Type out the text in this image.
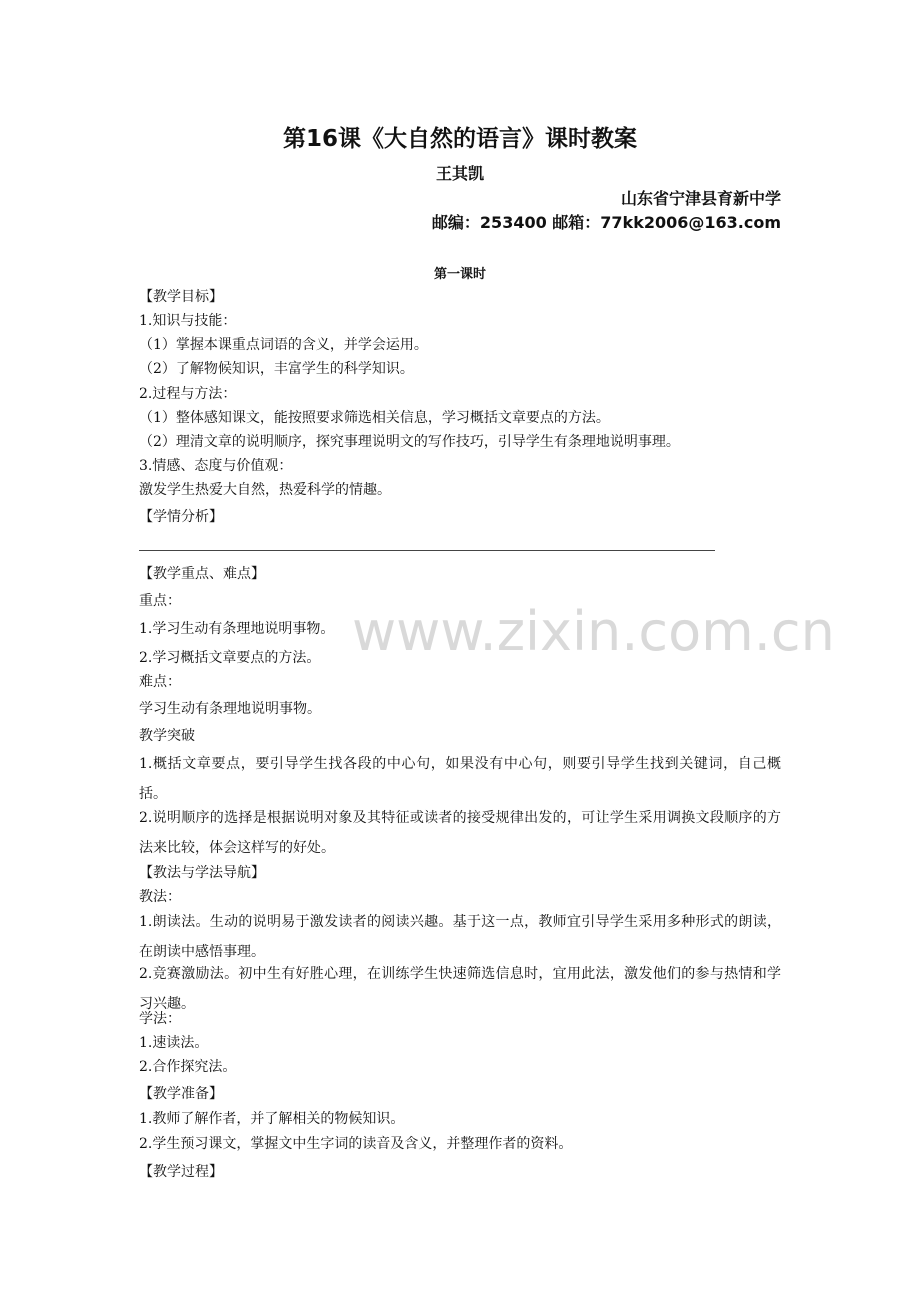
www.zixin.com.cn
第16课《大自然的语言》课时教案
王其凯
山东省宁津县育新中学
邮编：253400 邮箱：77kk2006@163.com
第一课时
【教学目标】
1.知识与技能：
（1）掌握本课重点词语的含义，并学会运用。
（2）了解物候知识，丰富学生的科学知识。
2.过程与方法：
（1）整体感知课文，能按照要求筛选相关信息，学习概括文章要点的方法。
（2）理清文章的说明顺序，探究事理说明文的写作技巧，引导学生有条理地说明事理。
3.情感、态度与价值观：
激发学生热爱大自然，热爱科学的情趣。
【学情分析】
【教学重点、难点】
重点：
1.学习生动有条理地说明事物。
2.学习概括文章要点的方法。
难点：
学习生动有条理地说明事物。
教学突破
1.概括文章要点，要引导学生找各段的中心句，如果没有中心句，则要引导学生找到关键词，自己概括。
2.说明顺序的选择是根据说明对象及其特征或读者的接受规律出发的，可让学生采用调换文段顺序的方法来比较，体会这样写的好处。
【教法与学法导航】
教法：
1.朗读法。生动的说明易于激发读者的阅读兴趣。基于这一点，教师宜引导学生采用多种形式的朗读，在朗读中感悟事理。
2.竞赛激励法。初中生有好胜心理，在训练学生快速筛选信息时，宜用此法，激发他们的参与热情和学习兴趣。
学法：
1.速读法。
2.合作探究法。
【教学准备】
1.教师了解作者，并了解相关的物候知识。
2.学生预习课文，掌握文中生字词的读音及含义，并整理作者的资料。
【教学过程】
